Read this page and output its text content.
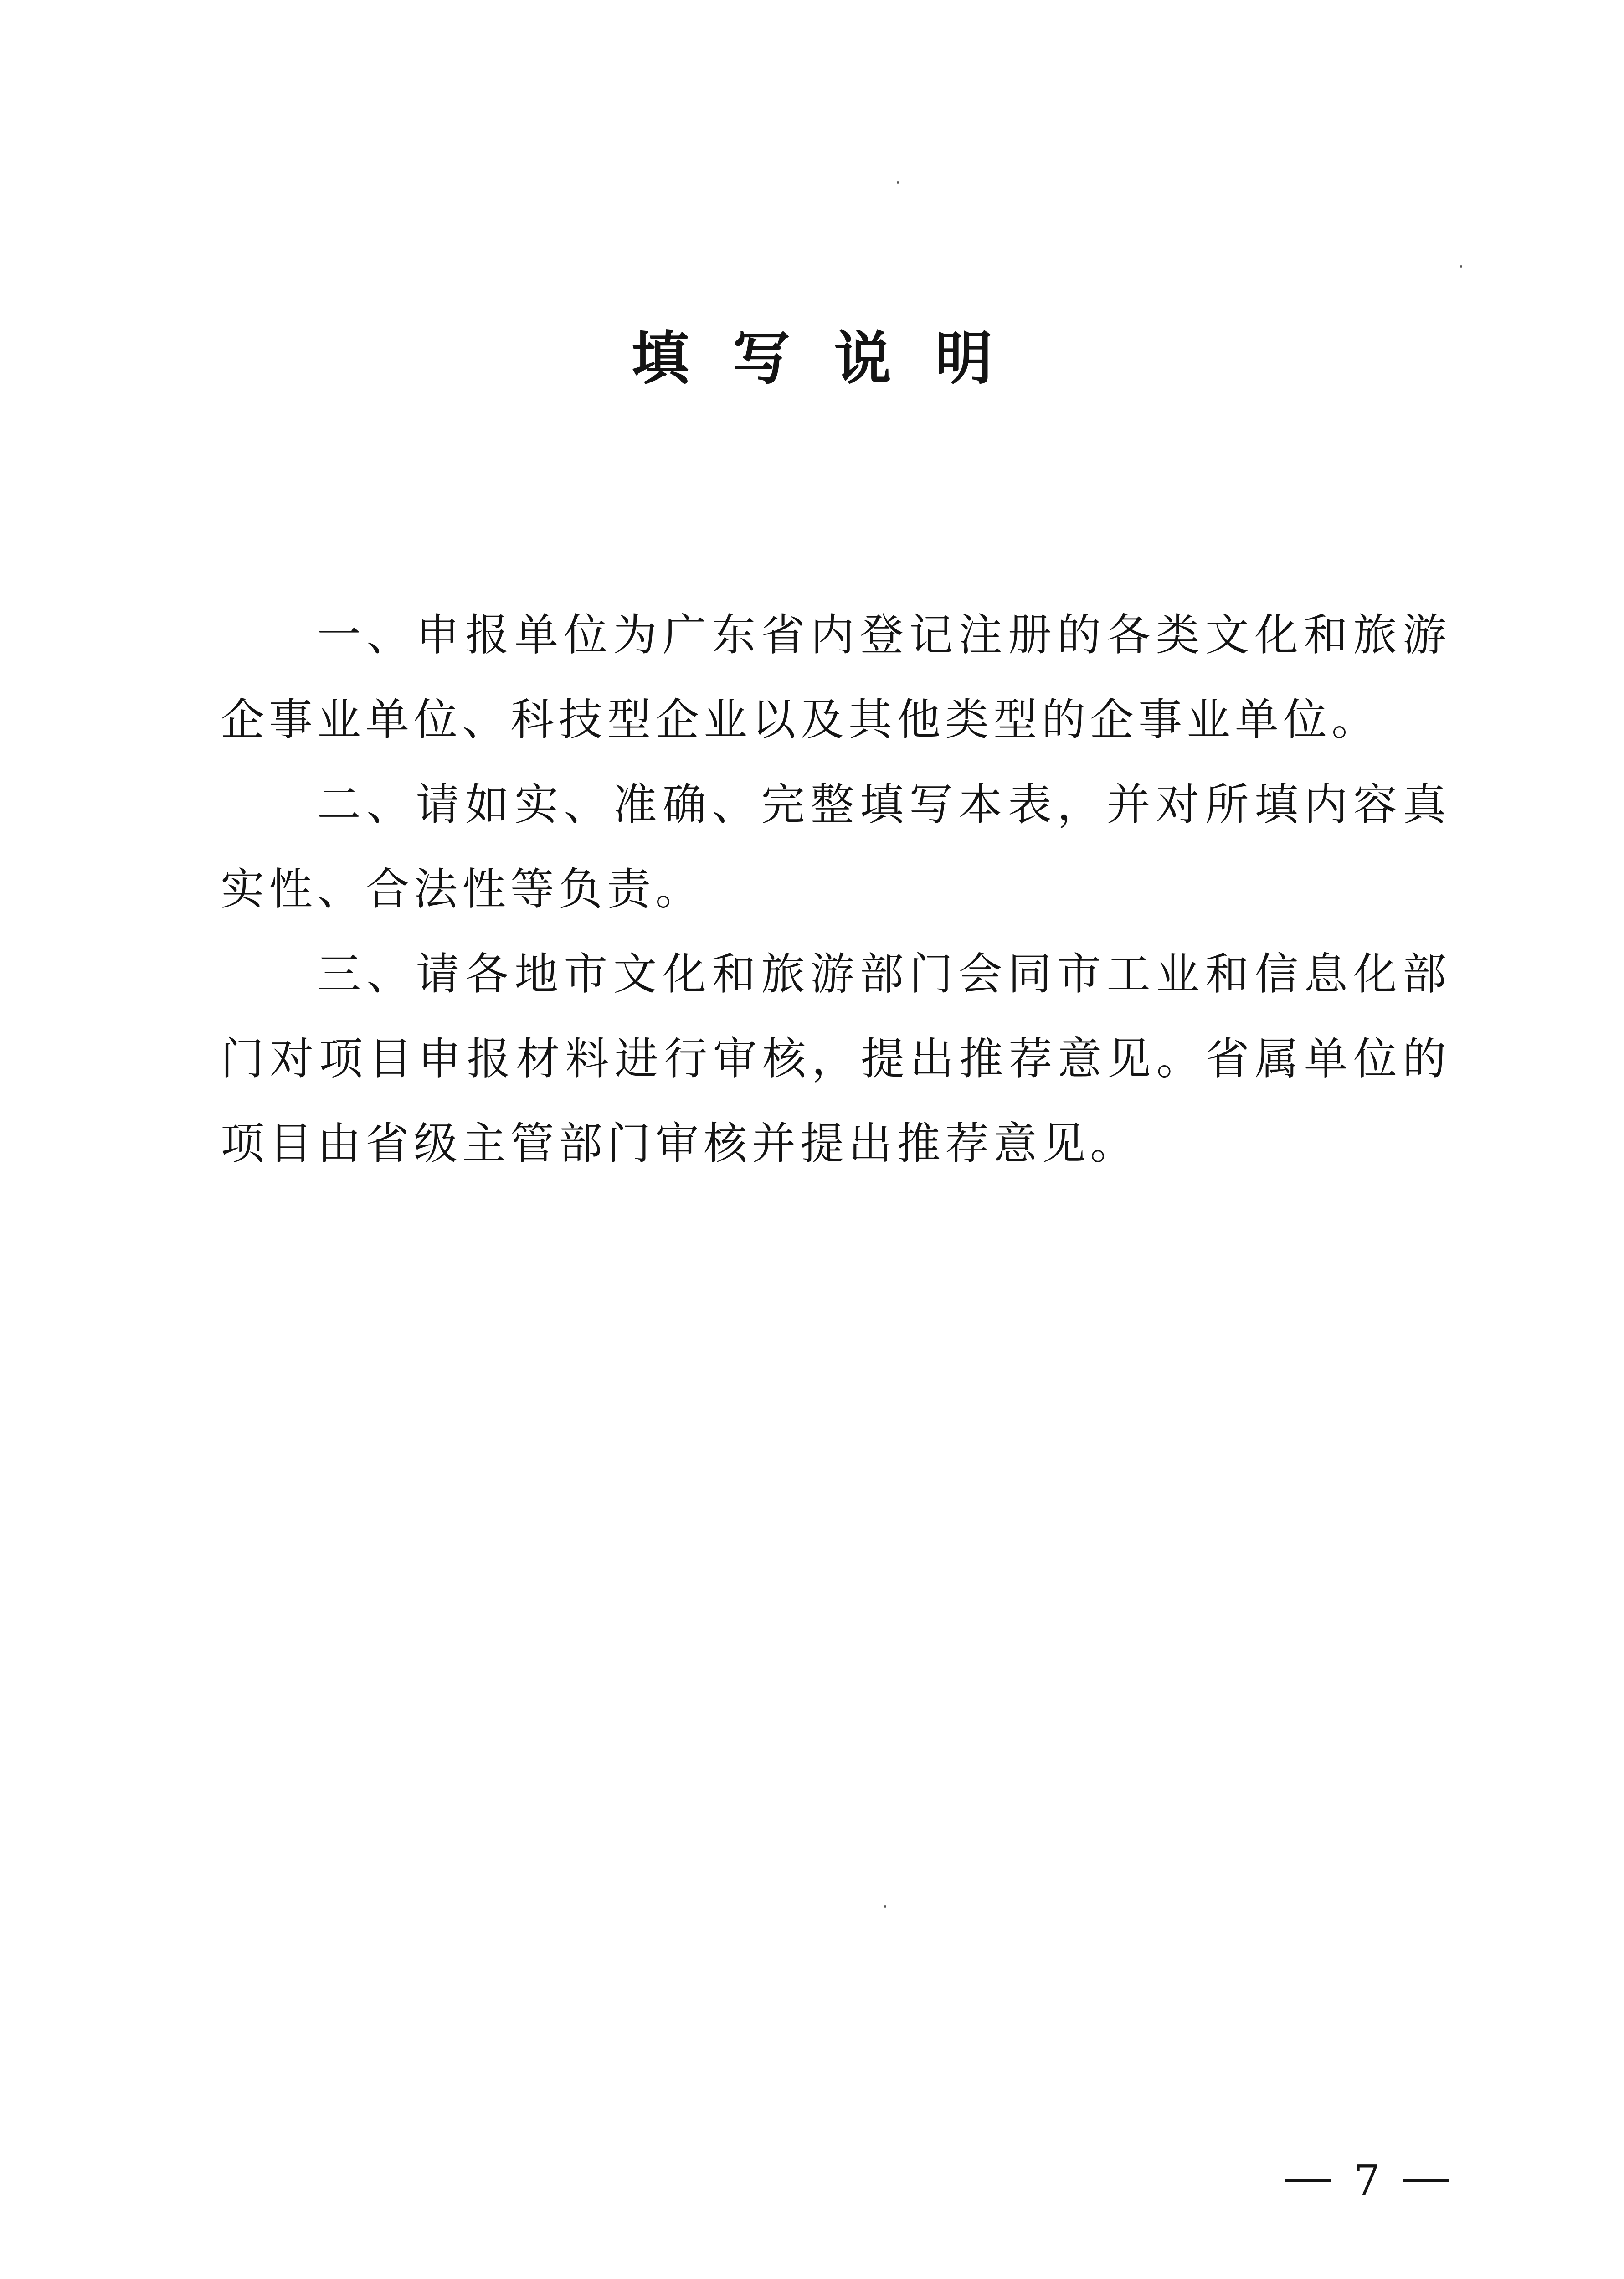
填写说明

一、申报单位为广东省内登记注册的各类文化和旅游企事业单位、科技型企业以及其他类型的企事业单位。

二、请如实、准确、完整填写本表，并对所填内容真实性、合法性等负责。

三、请各地市文化和旅游部门会同市工业和信息化部门对项目申报材料进行审核，提出推荐意见。省属单位的项目由省级主管部门审核并提出推荐意见。

7
